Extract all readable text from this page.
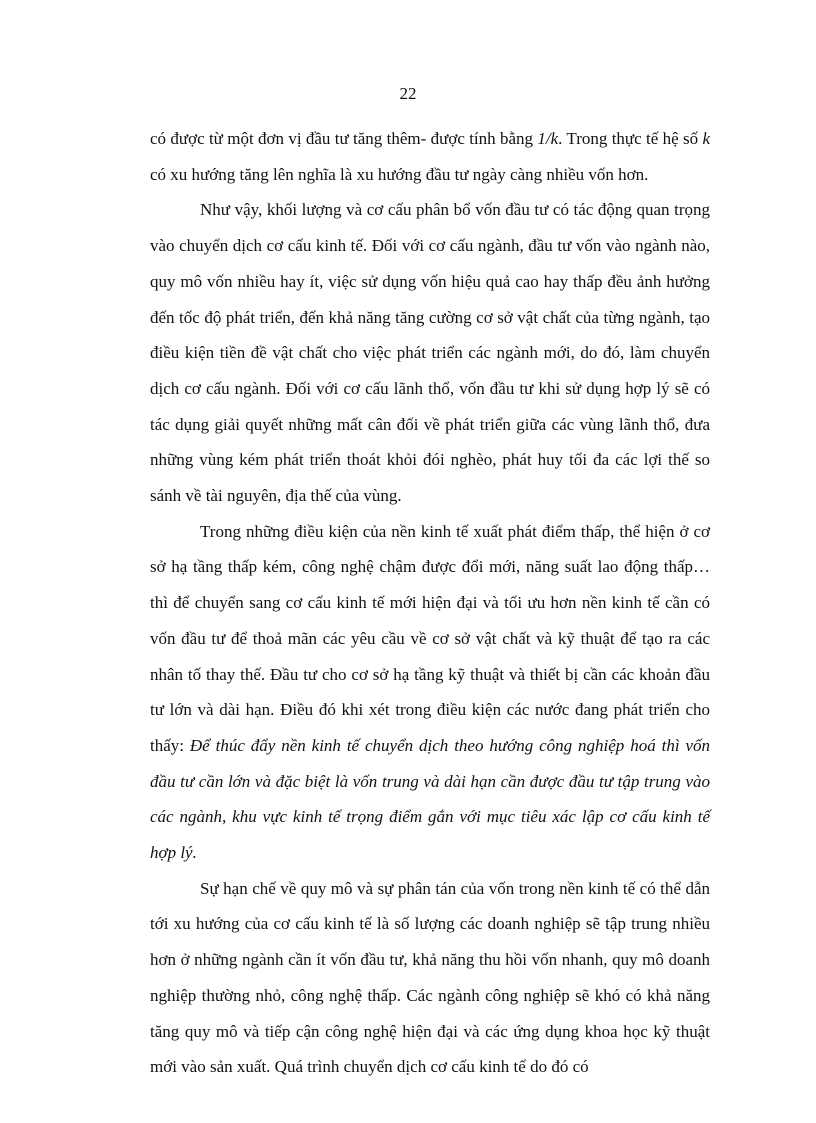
22

có được từ một đơn vị đầu tư tăng thêm- được tính bằng 1/k. Trong thực tế hệ số k có xu hướng tăng lên nghĩa là xu hướng đầu tư ngày càng nhiều vốn hơn.

Như vậy, khối lượng và cơ cấu phân bổ vốn đầu tư có tác động quan trọng vào chuyển dịch cơ cấu kinh tế. Đối với cơ cấu ngành, đầu tư vốn vào ngành nào, quy mô vốn nhiều hay ít, việc sử dụng vốn hiệu quả cao hay thấp đều ảnh hưởng đến tốc độ phát triển, đến khả năng tăng cường cơ sở vật chất của từng ngành, tạo điều kiện tiền đề vật chất cho việc phát triển các ngành mới, do đó, làm chuyển dịch cơ cấu ngành. Đối với cơ cấu lãnh thổ, vốn đầu tư khi sử dụng hợp lý sẽ có tác dụng giải quyết những mất cân đối về phát triển giữa các vùng lãnh thổ, đưa những vùng kém phát triển thoát khỏi đói nghèo, phát huy tối đa các lợi thế so sánh về tài nguyên, địa thế của vùng.

Trong những điều kiện của nền kinh tế xuất phát điểm thấp, thể hiện ở cơ sở hạ tầng thấp kém, công nghệ chậm được đổi mới, năng suất lao động thấp… thì để chuyển sang cơ cấu kinh tế mới hiện đại và tối ưu hơn nền kinh tế cần có vốn đầu tư để thoả mãn các yêu cầu về cơ sở vật chất và kỹ thuật để tạo ra các nhân tố thay thế. Đầu tư cho cơ sở hạ tầng kỹ thuật và thiết bị cần các khoản đầu tư lớn và dài hạn. Điều đó khi xét trong điều kiện các nước đang phát triển cho thấy: Để thúc đẩy nền kinh tế chuyển dịch theo hướng công nghiệp hoá thì vốn đầu tư cần lớn và đặc biệt là vốn trung và dài hạn cần được đầu tư tập trung vào các ngành, khu vực kinh tế trọng điểm gắn với mục tiêu xác lập cơ cấu kinh tế hợp lý.

Sự hạn chế về quy mô và sự phân tán của vốn trong nền kinh tế có thể dẫn tới xu hướng của cơ cấu kinh tế là số lượng các doanh nghiệp sẽ tập trung nhiều hơn ở những ngành cần ít vốn đầu tư, khả năng thu hồi vốn nhanh, quy mô doanh nghiệp thường nhỏ, công nghệ thấp. Các ngành công nghiệp sẽ khó có khả năng tăng quy mô và tiếp cận công nghệ hiện đại và các ứng dụng khoa học kỹ thuật mới vào sản xuất. Quá trình chuyển dịch cơ cấu kinh tế do đó có
